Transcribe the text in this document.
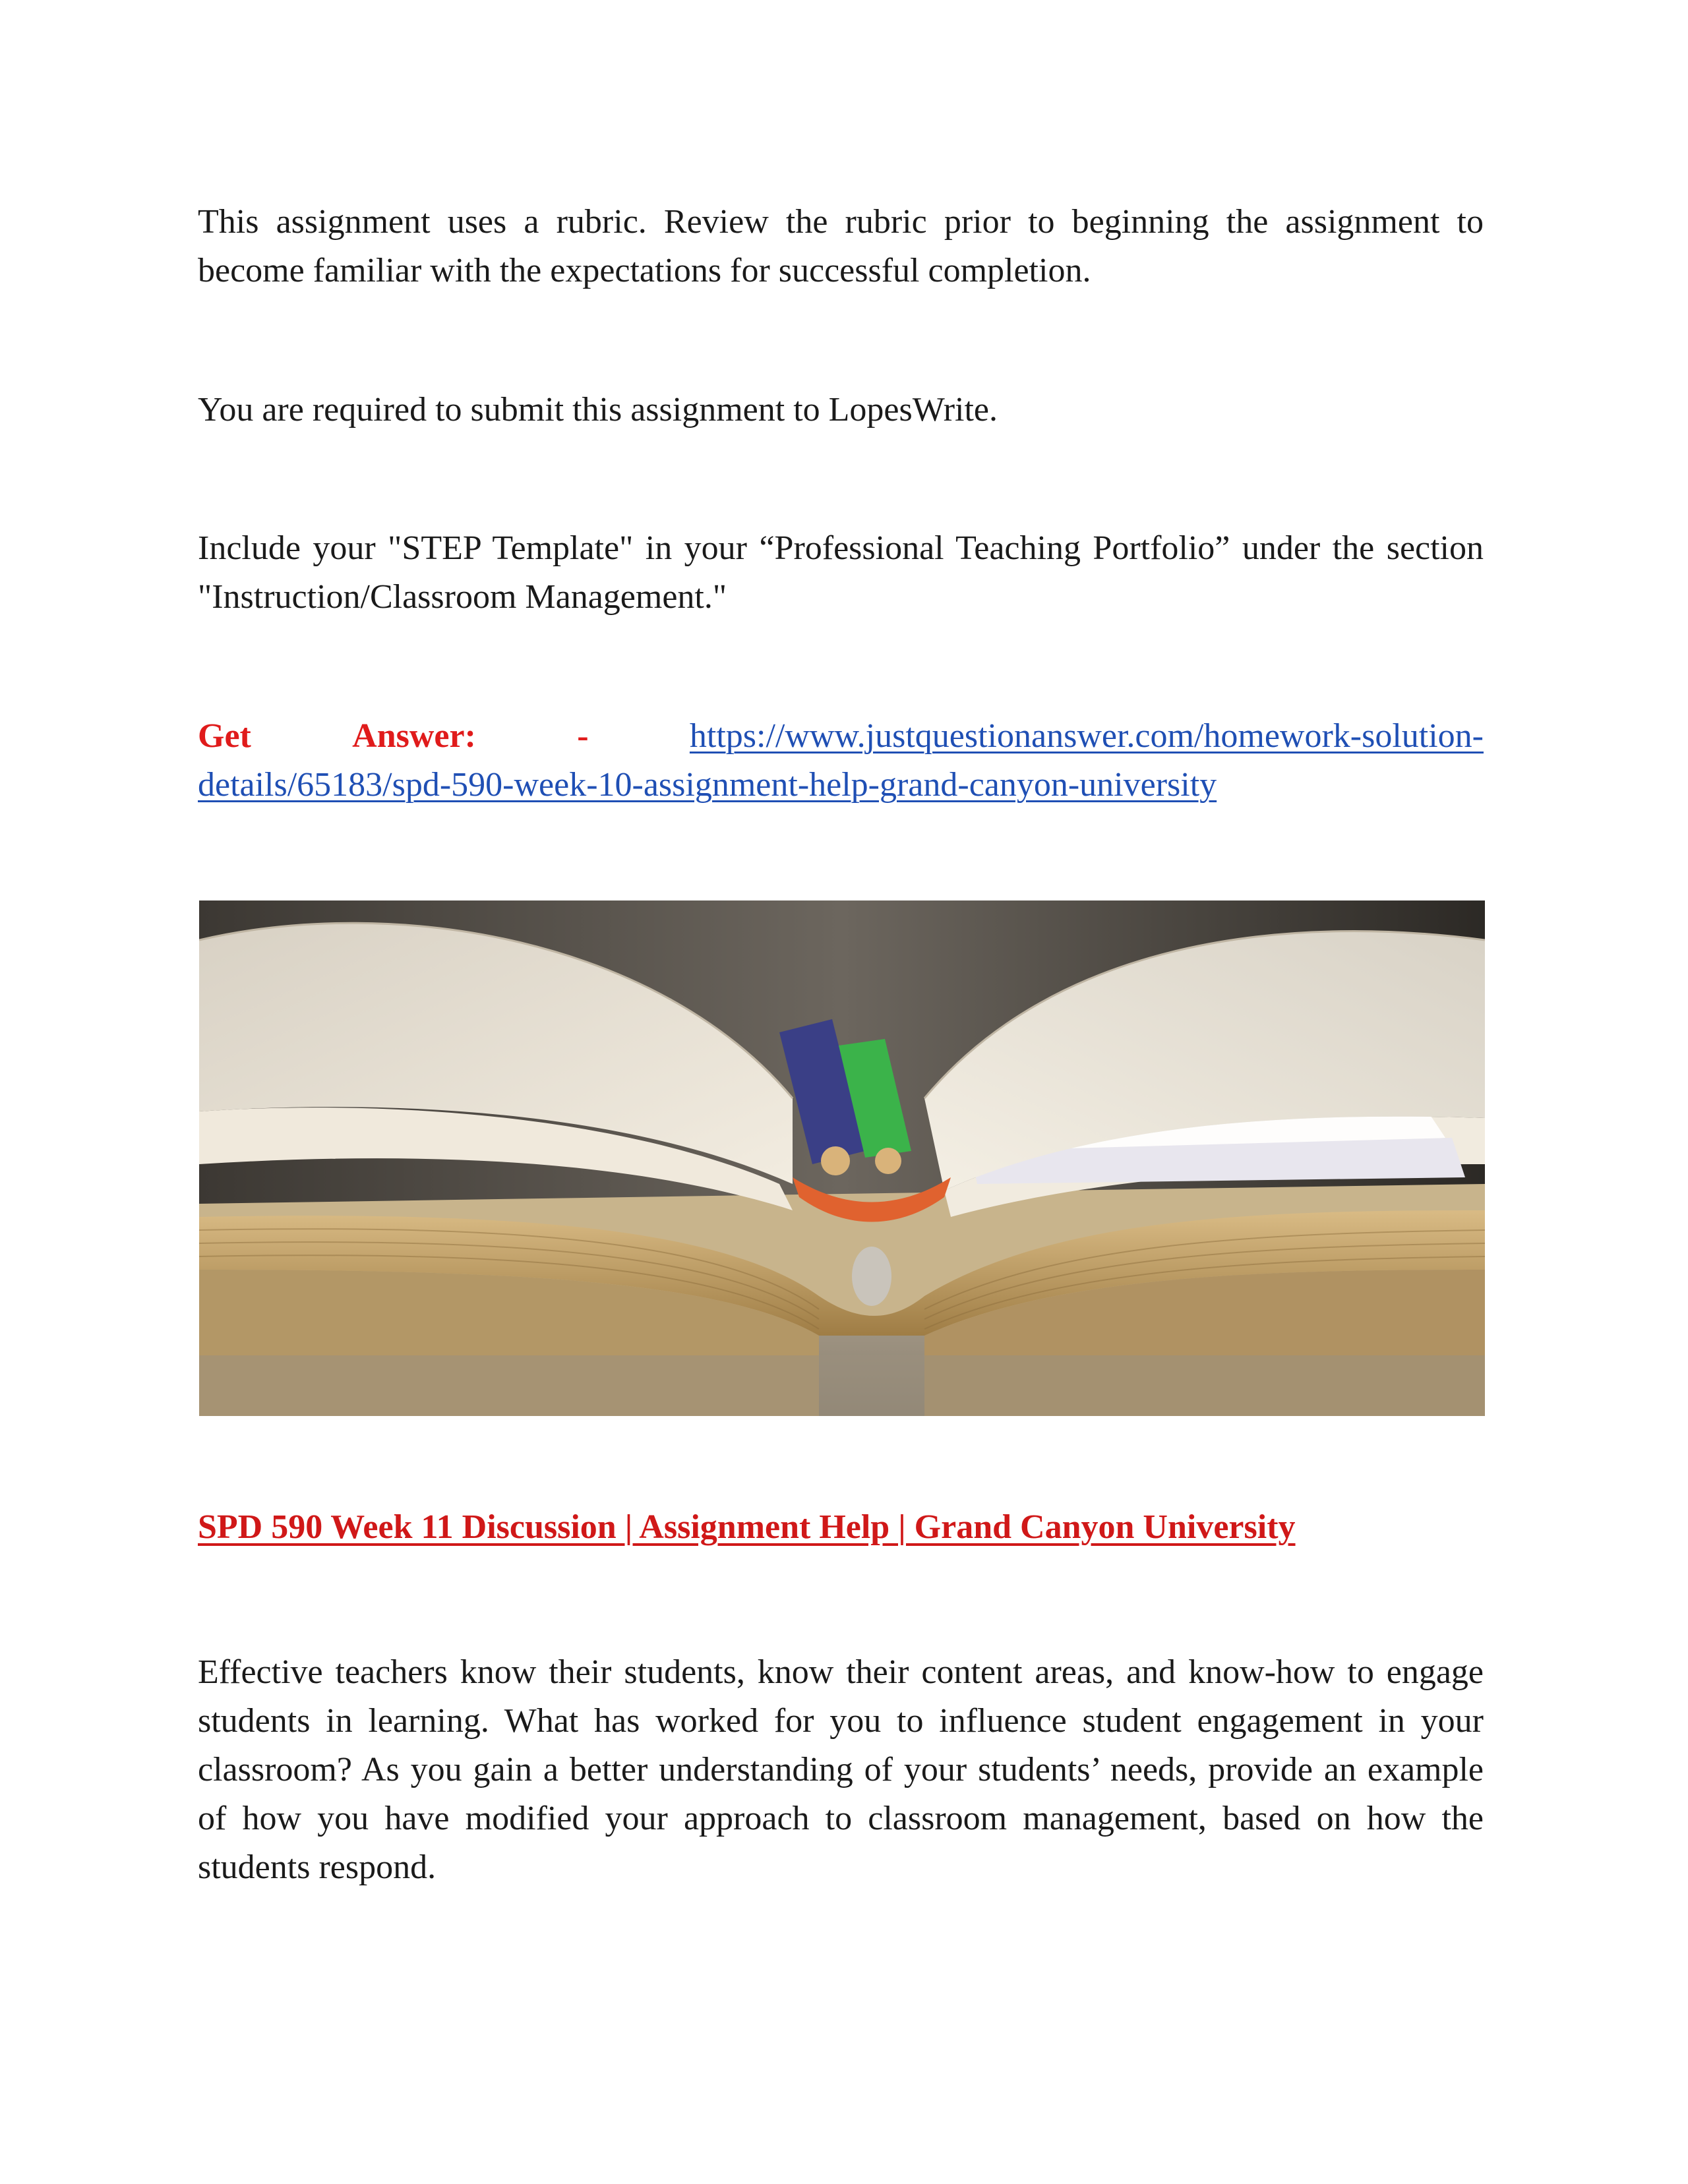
This assignment uses a rubric. Review the rubric prior to beginning the assignment to become familiar with the expectations for successful completion.

You are required to submit this assignment to LopesWrite.

Include your "STEP Template" in your “Professional Teaching Portfolio” under the section "Instruction/Classroom Management."

Get	Answer:	-	https://www.justquestionanswer.com/homework-solution-
details/65183/spd-590-week-10-assignment-help-grand-canyon-university

SPD 590 Week 11 Discussion | Assignment Help | Grand Canyon University

Effective teachers know their students, know their content areas, and know-how to engage students in learning. What has worked for you to influence student engagement in your classroom? As you gain a better understanding of your students’ needs, provide an example of how you have modified your approach to classroom management, based on how the students respond.
